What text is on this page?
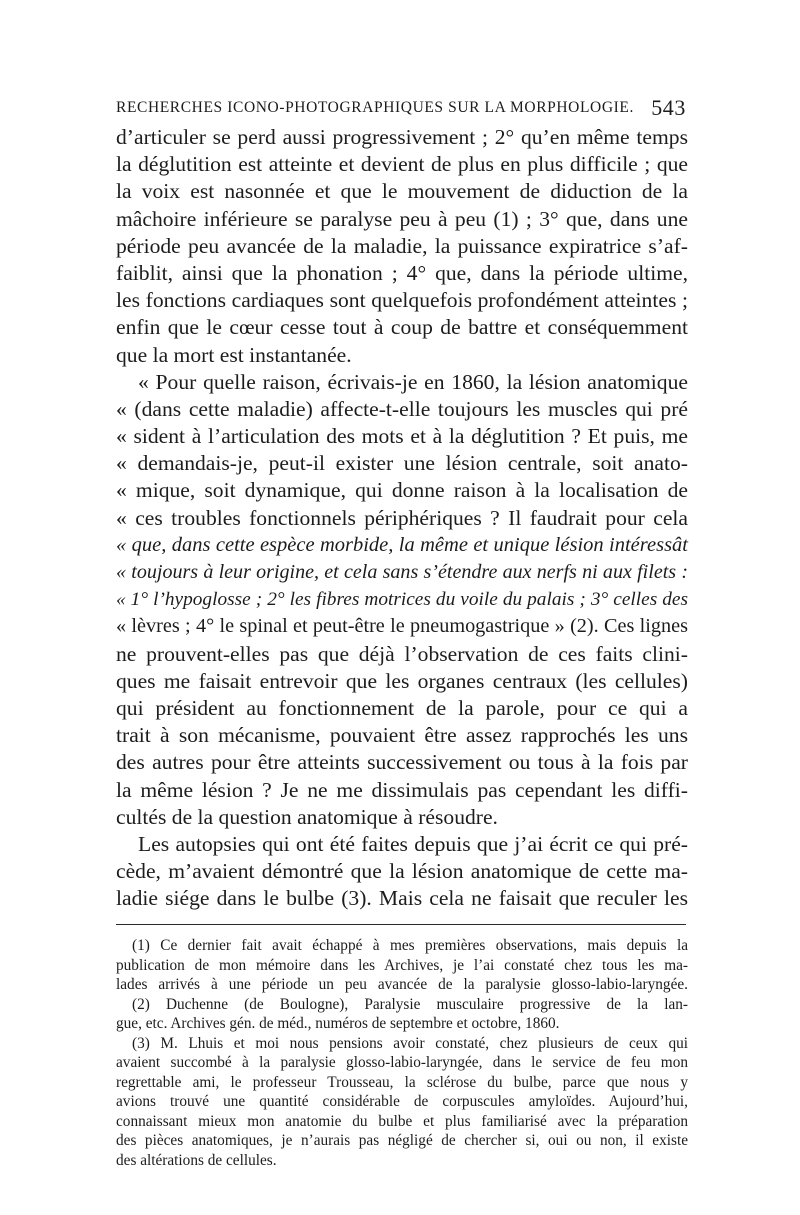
RECHERCHES ICONO-PHOTOGRAPHIQUES SUR LA MORPHOLOGIE. 543
d’articuler se perd aussi progressivement ; 2° qu’en même temps
la déglutition est atteinte et devient de plus en plus difficile ; que
la voix est nasonnée et que le mouvement de diduction de la
mâchoire inférieure se paralyse peu à peu (1) ; 3° que, dans une
période peu avancée de la maladie, la puissance expiratrice s’af-
faiblit, ainsi que la phonation ; 4° que, dans la période ultime,
les fonctions cardiaques sont quelquefois profondément atteintes ;
enfin que le cœur cesse tout à coup de battre et conséquemment
que la mort est instantanée.
« Pour quelle raison, écrivais-je en 1860, la lésion anatomique
« (dans cette maladie) affecte-t-elle toujours les muscles qui pré
« sident à l’articulation des mots et à la déglutition ? Et puis, me
« demandais-je, peut-il exister une lésion centrale, soit anato-
« mique, soit dynamique, qui donne raison à la localisation de
« ces troubles fonctionnels périphériques ? Il faudrait pour cela
« que, dans cette espèce morbide, la même et unique lésion intéressât
« toujours à leur origine, et cela sans s’étendre aux nerfs ni aux filets :
« 1° l’hypoglosse ; 2° les fibres motrices du voile du palais ; 3° celles des
« lèvres ; 4° le spinal et peut-être le pneumogastrique » (2). Ces lignes
ne prouvent-elles pas que déjà l’observation de ces faits clini-
ques me faisait entrevoir que les organes centraux (les cellules)
qui président au fonctionnement de la parole, pour ce qui a
trait à son mécanisme, pouvaient être assez rapprochés les uns
des autres pour être atteints successivement ou tous à la fois par
la même lésion ? Je ne me dissimulais pas cependant les diffi-
cultés de la question anatomique à résoudre.
Les autopsies qui ont été faites depuis que j’ai écrit ce qui pré-
cède, m’avaient démontré que la lésion anatomique de cette ma-
ladie siége dans le bulbe (3). Mais cela ne faisait que reculer les
(1) Ce dernier fait avait échappé à mes premières observations, mais depuis la
publication de mon mémoire dans les Archives, je l’ai constaté chez tous les ma-
lades arrivés à une période un peu avancée de la paralysie glosso-labio-laryngée.
(2) Duchenne (de Boulogne), Paralysie musculaire progressive de la lan-
gue, etc. Archives gén. de méd., numéros de septembre et octobre, 1860.
(3) M. Lhuis et moi nous pensions avoir constaté, chez plusieurs de ceux qui
avaient succombé à la paralysie glosso-labio-laryngée, dans le service de feu mon
regrettable ami, le professeur Trousseau, la sclérose du bulbe, parce que nous y
avions trouvé une quantité considérable de corpuscules amyloïdes. Aujourd’hui,
connaissant mieux mon anatomie du bulbe et plus familiarisé avec la préparation
des pièces anatomiques, je n’aurais pas négligé de chercher si, oui ou non, il existe
des altérations de cellules.
